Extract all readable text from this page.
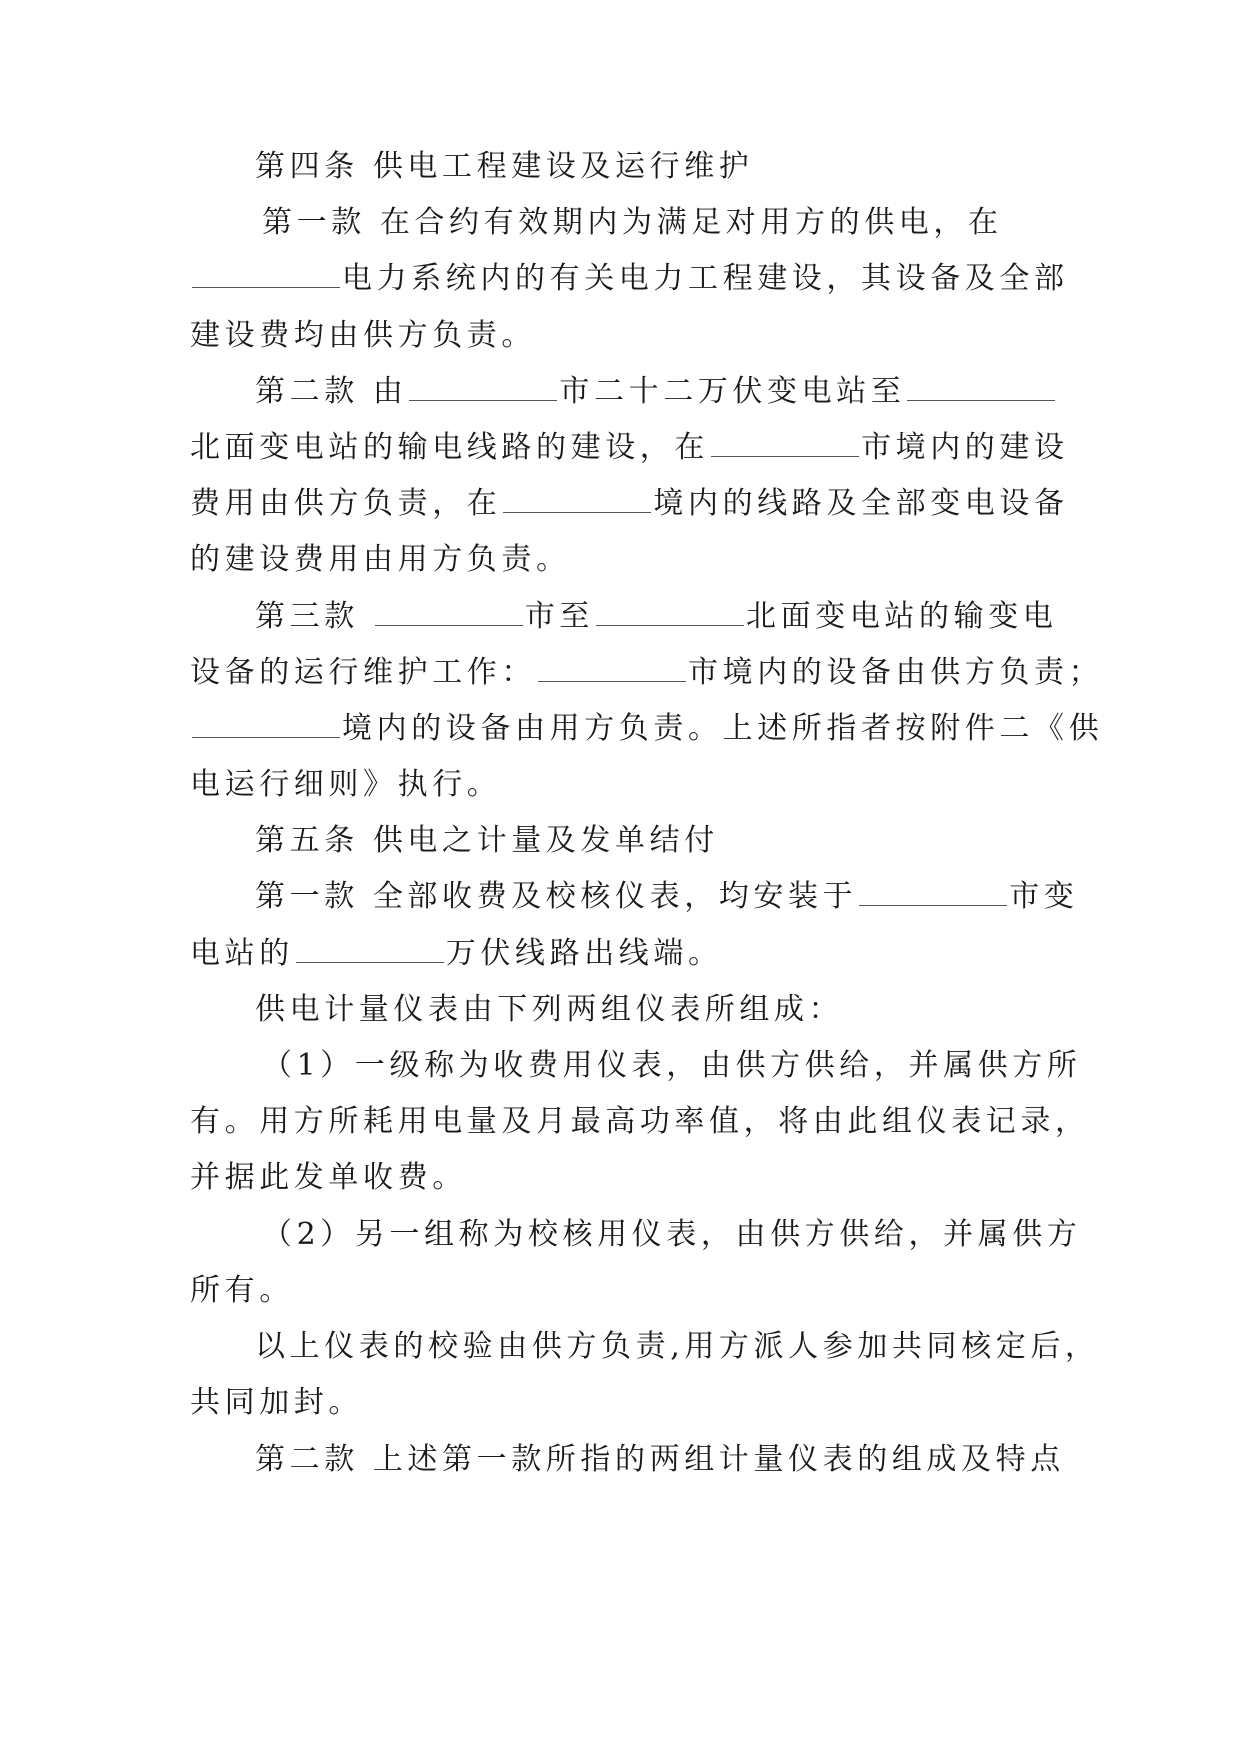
第四条 供电工程建设及运行维护
第一款 在合约有效期内为满足对用方的供电，在
电力系统内的有关电力工程建设，其设备及全部
建设费均由供方负责。
第二款 由	市二十二万伏变电站至
北面变电站的输电线路的建设，在	市境内的建设
费用由供方负责，在	境内的线路及全部变电设备
的建设费用由用方负责。
第三款	市至	北面变电站的输变电
设备的运行维护工作：	市境内的设备由供方负责；
境内的设备由用方负责。上述所指者按附件二《供
电运行细则》执行。
第五条 供电之计量及发单结付
第一款 全部收费及校核仪表，均安装于	市变
电站的	万伏线路出线端。
供电计量仪表由下列两组仪表所组成：
（1）一级称为收费用仪表，由供方供给，并属供方所
有。用方所耗用电量及月最高功率值，将由此组仪表记录，
并据此发单收费。
（2）另一组称为校核用仪表，由供方供给，并属供方
所有。
以上仪表的校验由供方负责,用方派人参加共同核定后，
共同加封。
第二款 上述第一款所指的两组计量仪表的组成及特点
